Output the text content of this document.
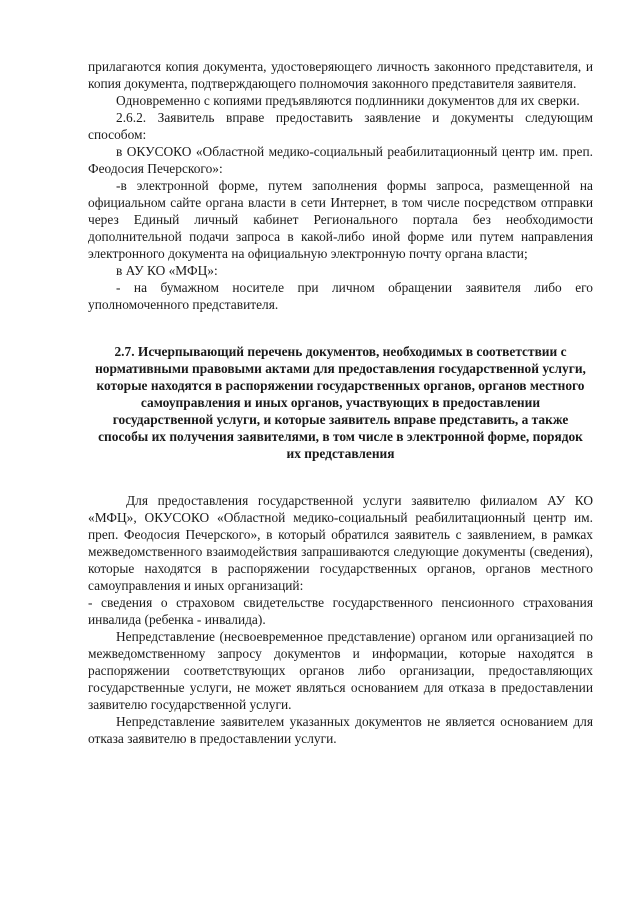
прилагаются копия документа, удостоверяющего личность законного представителя, и копия документа, подтверждающего полномочия законного представителя заявителя.

Одновременно с копиями предъявляются подлинники документов для их сверки.

2.6.2. Заявитель вправе предоставить заявление и документы следующим способом:

в ОКУСОКО «Областной медико-социальный реабилитационный центр им. преп. Феодосия Печерского»:

-в электронной форме, путем заполнения формы запроса, размещенной на официальном сайте органа власти в сети Интернет, в том числе посредством отправки через Единый личный кабинет Регионального портала без необходимости дополнительной подачи запроса в какой-либо иной форме или путем направления электронного документа на официальную электронную почту органа власти;

в АУ КО «МФЦ»:

- на бумажном носителе при личном обращении заявителя либо его уполномоченного представителя.

2.7. Исчерпывающий перечень документов, необходимых в соответствии с нормативными правовыми актами для предоставления государственной услуги, которые находятся в распоряжении государственных органов, органов местного самоуправления и иных органов, участвующих в предоставлении государственной услуги, и которые заявитель вправе представить, а также способы их получения заявителями, в том числе в электронной форме, порядок их представления

Для предоставления государственной услуги заявителю филиалом АУ КО «МФЦ», ОКУСОКО «Областной медико-социальный реабилитационный центр им. преп. Феодосия Печерского», в который обратился заявитель с заявлением, в рамках межведомственного взаимодействия запрашиваются следующие документы (сведения), которые находятся в распоряжении государственных органов, органов местного самоуправления и иных организаций:

- сведения о страховом свидетельстве государственного пенсионного страхования инвалида (ребенка - инвалида).

Непредставление (несвоевременное представление) органом или организацией по межведомственному запросу документов и информации, которые находятся в распоряжении соответствующих органов либо организации, предоставляющих государственные услуги, не может являться основанием для отказа в предоставлении заявителю государственной услуги.

Непредставление заявителем указанных документов не является основанием для отказа заявителю в предоставлении услуги.
